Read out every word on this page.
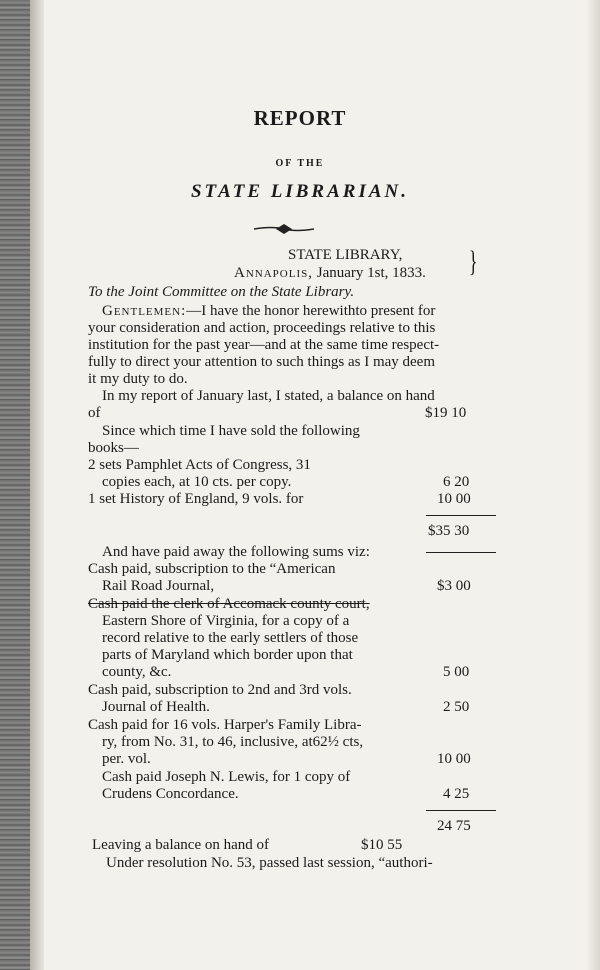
REPORT
OF THE
STATE LIBRARIAN.
STATE LIBRARY,
Annapolis, January 1st, 1833. }
To the Joint Committee on the State Library.
Gentlemen:—I have the honor herewithto present for
your consideration and action, proceedings relative to this
institution for the past year—and at the same time respect-
fully to direct your attention to such things as I may deem
it my duty to do.
In my report of January last, I stated, a balance on hand
of	$19 10
Since which time I have sold the following
books—
2 sets Pamphlet Acts of Congress, 31
copies each, at 10 cts. per copy.	6 20
1 set History of England, 9 vols. for	10 00
$35 30
And have paid away the following sums viz:
Cash paid, subscription to the “American
Rail Road Journal,	$3 00
Cash paid the clerk of Accomack county court,
Eastern Shore of Virginia, for a copy of a
record relative to the early settlers of those
parts of Maryland which border upon that
county, &c.	5 00
Cash paid, subscription to 2nd and 3rd vols.
Journal of Health.	2 50
Cash paid for 16 vols. Harper's Family Libra-
ry, from No. 31, to 46, inclusive, at62½ cts,
per. vol.	10 00
Cash paid Joseph N. Lewis, for 1 copy of
Crudens Concordance.	4 25
24 75
Leaving a balance on hand of	$10 55
Under resolution No. 53, passed last session, “authori-
